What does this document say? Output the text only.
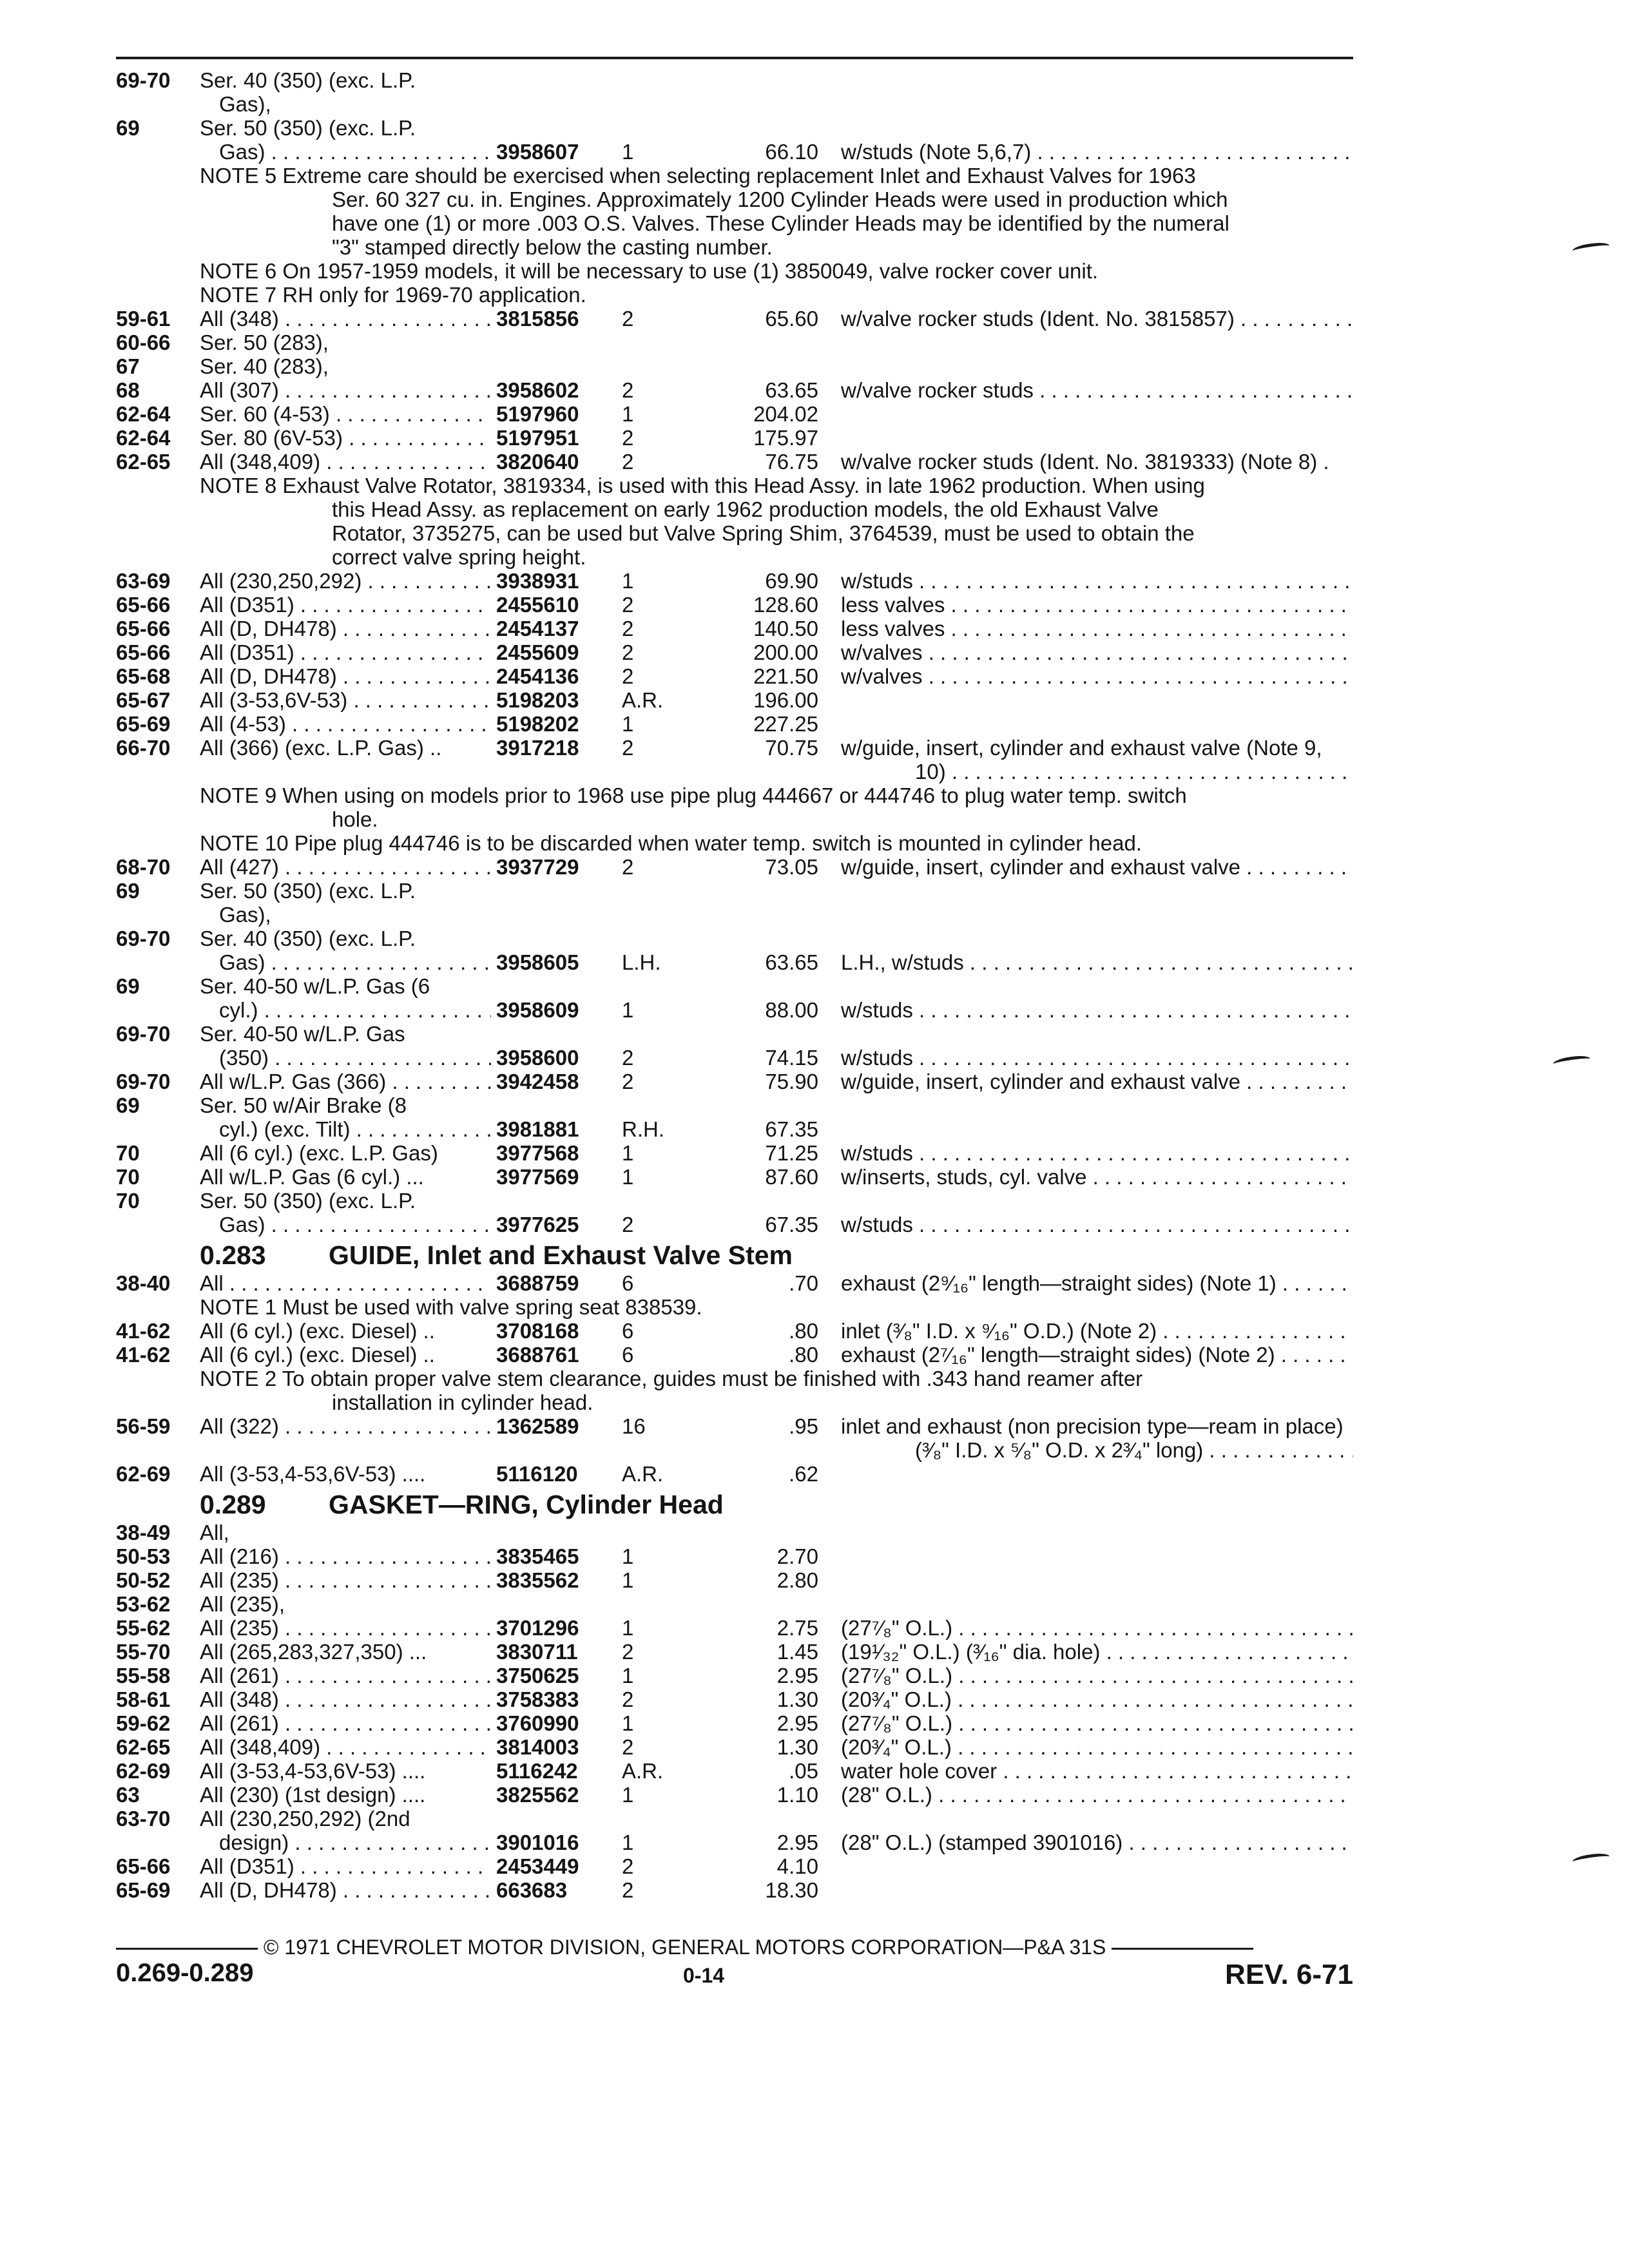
69-70	Ser. 40 (350) (exc. L.P.
Gas),
69	Ser. 50 (350) (exc. L.P.
Gas) . . .	3958607	1	66.10 w/studs (Note 5,6,7) . . .
NOTE 5 Extreme care should be exercised when selecting replacement Inlet and Exhaust Valves for 1963
Ser. 60 327 cu. in. Engines. Approximately 1200 Cylinder Heads were used in production which
have one (1) or more .003 O.S. Valves. These Cylinder Heads may be identified by the numeral
"3" stamped directly below the casting number.
NOTE 6 On 1957-1959 models, it will be necessary to use (1) 3850049, valve rocker cover unit.
NOTE 7 RH only for 1969-70 application.
59-61	All (348) . . .	3815856	2	65.60 w/valve rocker studs (Ident. No. 3815857) . . .
60-66	Ser. 50 (283),
67	Ser. 40 (283),
68	All (307) . . .	3958602	2	63.65 w/valve rocker studs . . .
62-64	Ser. 60 (4-53) . . .	5197960	1	204.02
62-64	Ser. 80 (6V-53) . . .	5197951	2	175.97
62-65	All (348,409) . . .	3820640	2	76.75 w/valve rocker studs (Ident. No. 3819333) (Note 8) .
NOTE 8 Exhaust Valve Rotator, 3819334, is used with this Head Assy. in late 1962 production. When using
this Head Assy. as replacement on early 1962 production models, the old Exhaust Valve
Rotator, 3735275, can be used but Valve Spring Shim, 3764539, must be used to obtain the
correct valve spring height.
63-69	All (230,250,292) . . .	3938931	1	69.90 w/studs . . .
65-66	All (D351) . . .	2455610	2	128.60 less valves . . .
65-66	All (D, DH478) . . .	2454137	2	140.50 less valves . . .
65-66	All (D351) . . .	2455609	2	200.00 w/valves . . .
65-68	All (D, DH478) . . .	2454136	2	221.50 w/valves . . .
65-67	All (3-53,6V-53) . . .	5198203	A.R.	196.00
65-69	All (4-53) . . .	5198202	1	227.25
66-70	All (366) (exc. L.P. Gas) ..	3917218	2	70.75 w/guide, insert, cylinder and exhaust valve (Note 9,
10) . . .
NOTE 9 When using on models prior to 1968 use pipe plug 444667 or 444746 to plug water temp. switch
hole.
NOTE 10 Pipe plug 444746 is to be discarded when water temp. switch is mounted in cylinder head.
68-70	All (427) . . .	3937729	2	73.05 w/guide, insert, cylinder and exhaust valve . . .
69	Ser. 50 (350) (exc. L.P.
Gas),
69-70	Ser. 40 (350) (exc. L.P.
Gas) . . .	3958605	L.H.	63.65 L.H., w/studs . . .
69	Ser. 40-50 w/L.P. Gas (6
cyl.) . . .	3958609	1	88.00 w/studs . . .
69-70	Ser. 40-50 w/L.P. Gas
(350) . . .	3958600	2	74.15 w/studs . . .
69-70	All w/L.P. Gas (366) . . .	3942458	2	75.90 w/guide, insert, cylinder and exhaust valve . . .
69	Ser. 50 w/Air Brake (8
cyl.) (exc. Tilt) . . .	3981881	R.H.	67.35
70	All (6 cyl.) (exc. L.P. Gas)	3977568	1	71.25 w/studs . . .
70	All w/L.P. Gas (6 cyl.) ...	3977569	1	87.60 w/inserts, studs, cyl. valve . . .
70	Ser. 50 (350) (exc. L.P.
Gas) . . .	3977625	2	67.35 w/studs . . .
0.283 GUIDE, Inlet and Exhaust Valve Stem
38-40	All . . .	3688759	6	.70 exhaust (2⁹⁄₁₆" length—straight sides) (Note 1) . . .
NOTE 1 Must be used with valve spring seat 838539.
41-62	All (6 cyl.) (exc. Diesel) ..	3708168	6	.80 inlet (³⁄₈" I.D. x ⁹⁄₁₆" O.D.) (Note 2) . . .
41-62	All (6 cyl.) (exc. Diesel) ..	3688761	6	.80 exhaust (2⁷⁄₁₆" length—straight sides) (Note 2) . . .
NOTE 2 To obtain proper valve stem clearance, guides must be finished with .343 hand reamer after
installation in cylinder head.
56-59	All (322) . . .	1362589	16	.95 inlet and exhaust (non precision type—ream in place)
(³⁄₈" I.D. x ⁵⁄₈" O.D. x 2³⁄₄" long) . . .
62-69	All (3-53,4-53,6V-53) ....	5116120	A.R.	.62
0.289 GASKET—RING, Cylinder Head
38-49	All,
50-53	All (216) . . .	3835465	1	2.70
50-52	All (235) . . .	3835562	1	2.80
53-62	All (235),
55-62	All (235) . . .	3701296	1	2.75 (27⁷⁄₈" O.L.) . . .
55-70	All (265,283,327,350) ...	3830711	2	1.45 (19¹⁄₃₂" O.L.) (³⁄₁₆" dia. hole) . . .
55-58	All (261) . . .	3750625	1	2.95 (27⁷⁄₈" O.L.) . . .
58-61	All (348) . . .	3758383	2	1.30 (20³⁄₄" O.L.) . . .
59-62	All (261) . . .	3760990	1	2.95 (27⁷⁄₈" O.L.) . . .
62-65	All (348,409) . . .	3814003	2	1.30 (20³⁄₄" O.L.) . . .
62-69	All (3-53,4-53,6V-53) ....	5116242	A.R.	.05 water hole cover . . .
63	All (230) (1st design) ....	3825562	1	1.10 (28" O.L.) . . .
63-70	All (230,250,292) (2nd
design) . . .	3901016	1	2.95 (28" O.L.) (stamped 3901016) . . .
65-66	All (D351) . . .	2453449	2	4.10
65-69	All (D, DH478) . . .	663683	2	18.30
© 1971 CHEVROLET MOTOR DIVISION, GENERAL MOTORS CORPORATION—P&A 31S
0.269-0.289	0-14	REV. 6-71
